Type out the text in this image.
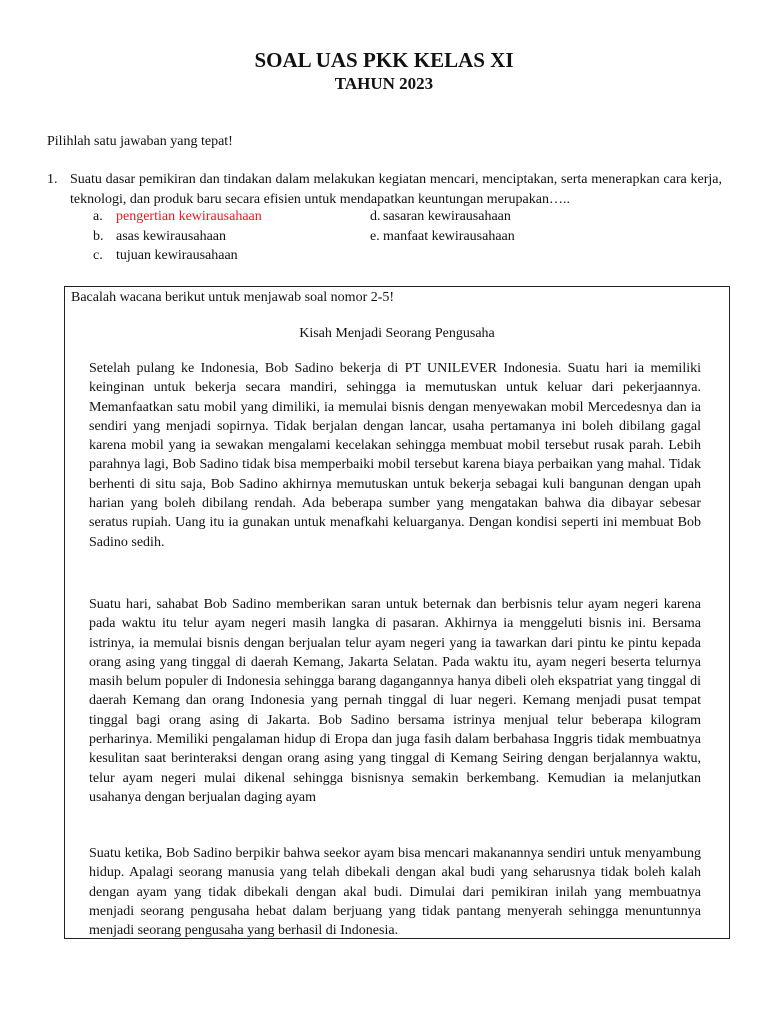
SOAL UAS PKK KELAS XI
TAHUN 2023
Pilihlah satu jawaban yang tepat!
1. Suatu dasar pemikiran dan tindakan dalam melakukan kegiatan mencari, menciptakan, serta menerapkan cara kerja, teknologi, dan produk baru secara efisien untuk mendapatkan keuntungan merupakan…..
a. pengertian kewirausahaan
b. asas kewirausahaan
c. tujuan kewirausahaan
d. sasaran kewirausahaan
e. manfaat kewirausahaan
Bacalah wacana berikut untuk menjawab soal nomor 2-5!
Kisah Menjadi Seorang Pengusaha

Setelah pulang ke Indonesia, Bob Sadino bekerja di PT UNILEVER Indonesia. Suatu hari ia memiliki keinginan untuk bekerja secara mandiri, sehingga ia memutuskan untuk keluar dari pekerjaannya. Memanfaatkan satu mobil yang dimiliki, ia memulai bisnis dengan menyewakan mobil Mercedesnya dan ia sendiri yang menjadi sopirnya. Tidak berjalan dengan lancar, usaha pertamanya ini boleh dibilang gagal karena mobil yang ia sewakan mengalami kecelakan sehingga membuat mobil tersebut rusak parah. Lebih parahnya lagi, Bob Sadino tidak bisa memperbaiki mobil tersebut karena biaya perbaikan yang mahal. Tidak berhenti di situ saja, Bob Sadino akhirnya memutuskan untuk bekerja sebagai kuli bangunan dengan upah harian yang boleh dibilang rendah. Ada beberapa sumber yang mengatakan bahwa dia dibayar sebesar seratus rupiah. Uang itu ia gunakan untuk menafkahi keluarganya. Dengan kondisi seperti ini membuat Bob Sadino sedih.

Suatu hari, sahabat Bob Sadino memberikan saran untuk beternak dan berbisnis telur ayam negeri karena pada waktu itu telur ayam negeri masih langka di pasaran. Akhirnya ia menggeluti bisnis ini. Bersama istrinya, ia memulai bisnis dengan berjualan telur ayam negeri yang ia tawarkan dari pintu ke pintu kepada orang asing yang tinggal di daerah Kemang, Jakarta Selatan. Pada waktu itu, ayam negeri beserta telurnya masih belum populer di Indonesia sehingga barang dagangannya hanya dibeli oleh ekspatriat yang tinggal di daerah Kemang dan orang Indonesia yang pernah tinggal di luar negeri. Kemang menjadi pusat tempat tinggal bagi orang asing di Jakarta. Bob Sadino bersama istrinya menjual telur beberapa kilogram perharinya. Memiliki pengalaman hidup di Eropa dan juga fasih dalam berbahasa Inggris tidak membuatnya kesulitan saat berinteraksi dengan orang asing yang tinggal di Kemang Seiring dengan berjalannya waktu, telur ayam negeri mulai dikenal sehingga bisnisnya semakin berkembang. Kemudian ia melanjutkan usahanya dengan berjualan daging ayam

Suatu ketika, Bob Sadino berpikir bahwa seekor ayam bisa mencari makanannya sendiri untuk menyambung hidup. Apalagi seorang manusia yang telah dibekali dengan akal budi yang seharusnya tidak boleh kalah dengan ayam yang tidak dibekali dengan akal budi. Dimulai dari pemikiran inilah yang membuatnya menjadi seorang pengusaha hebat dalam berjuang yang tidak pantang menyerah sehingga menuntunnya menjadi seorang pengusaha yang berhasil di Indonesia.
